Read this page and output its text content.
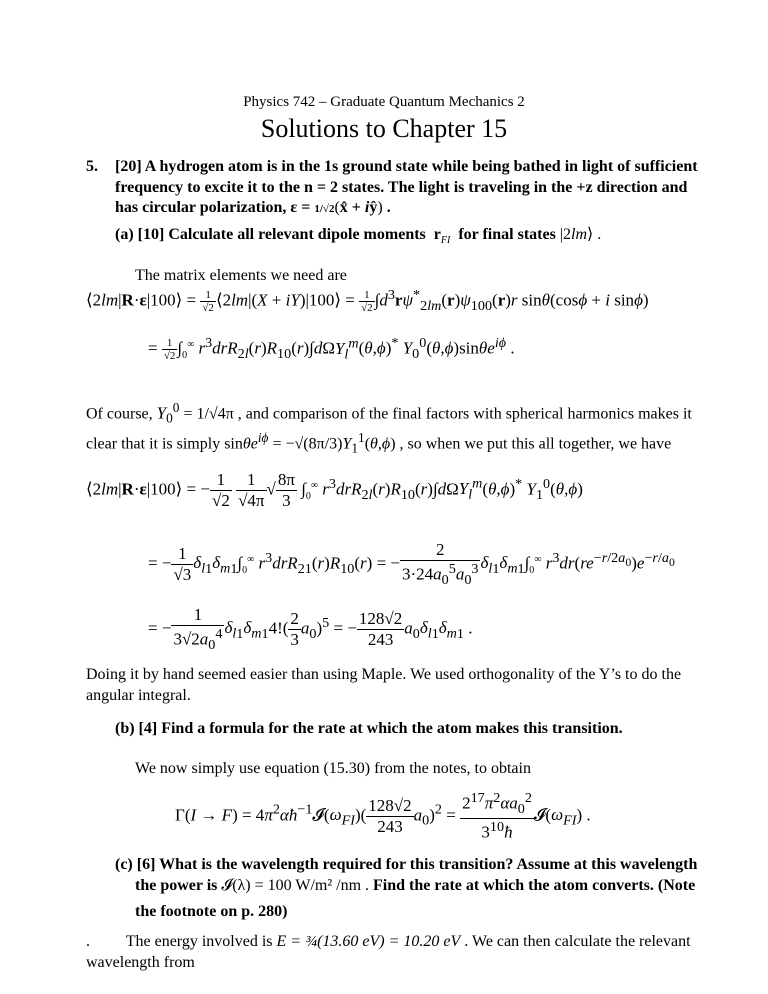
Physics 742 – Graduate Quantum Mechanics 2
Solutions to Chapter 15
5. [20] A hydrogen atom is in the 1s ground state while being bathed in light of sufficient
frequency to excite it to the n = 2 states. The light is traveling in the +z direction and
has circular polarization, ε = 1/√2(x̂ + iŷ) .
(a) [10] Calculate all relevant dipole moments $r_{FI}$ for final states |2lm⟩ .
The matrix elements we need are
⟨2lm|R·ε|100⟩ = $\frac{1}{√2}$ ⟨2lm|(X + iY)|100⟩ = $\frac{1}{√2} \int d^3r\psi^*_{2lm}(r)\psi_{100}(r)r$ sinθ(cosϕ + i sinϕ)
= $\frac{1}{√2} \int_0^\infty$ $r^3drR_{2l}(r)R_{10}(r)\int d\Omega Y_l^m(\theta,\phi)^*$ $Y_0^0(\theta,\phi)\sin\theta e^{i\phi}$ .
Of course, $Y_0^0 = 1/√4\pi$ , and comparison of the final factors with spherical harmonics makes it
clear that it is simply $\sin\theta e^{i\phi} = -√(8\pi/3)Y_1^1(\theta,\phi)$ , so when we put this all together, we have
⟨2lm|R·ε|100⟩ = − $\frac{1}{√2}$
$\frac{1}{√4\pi}$ √ $\frac{8\pi}{3} \int_0^\infty$ $r^3drR_{2l}(r)R_{10}(r)\int d\Omega Y_l^m(\theta,\phi)^*$ $Y_1^0(\theta,\phi)$
= − $\frac{1}{√3} \delta_{l1}\delta_{m1}\int_0^\infty$ $r^3drR_{21}(r)R_{10}(r)$ = − $\frac{2}{3\cdot 24a_0^5a_0^3} \delta_{l1}\delta_{m1}\int_0^\infty$ $r^3dr(re^{-r/2a_0})e^{-r/a_0}$
= − $\frac{1}{3√2a_0^4} \delta_{l1}\delta_{m1}4!( \frac{2}{3} a_0)^5$ = − $\frac{128√2}{243} a_0\delta_{l1}\delta_{m1}$ .
Doing it by hand seemed easier than using Maple. We used orthogonality of the Y’s to do the
angular integral.
(b) [4] Find a formula for the rate at which the atom makes this transition.
We now simply use equation (15.30) from the notes, to obtain
$\Gamma(I \to F) = 4\pi^2\alpha ħ^{-1}𝓘(\omega_{FI})( \frac{128√2}{243} a_0)^2 = \frac{2^{17}\pi^2\alpha a_0^2}{3^{10}ħ}$ $𝓘(\omega_{FI})$ .
(c) [6] What is the wavelength required for this transition? Assume at this wavelength
the power is 𝓘(λ) = 100 W/m² /nm . Find the rate at which the atom converts. (Note
the footnote on p. 280)
.         The energy involved is E = ¾(13.60 eV) = 10.20 eV . We can then calculate the relevant
wavelength from
